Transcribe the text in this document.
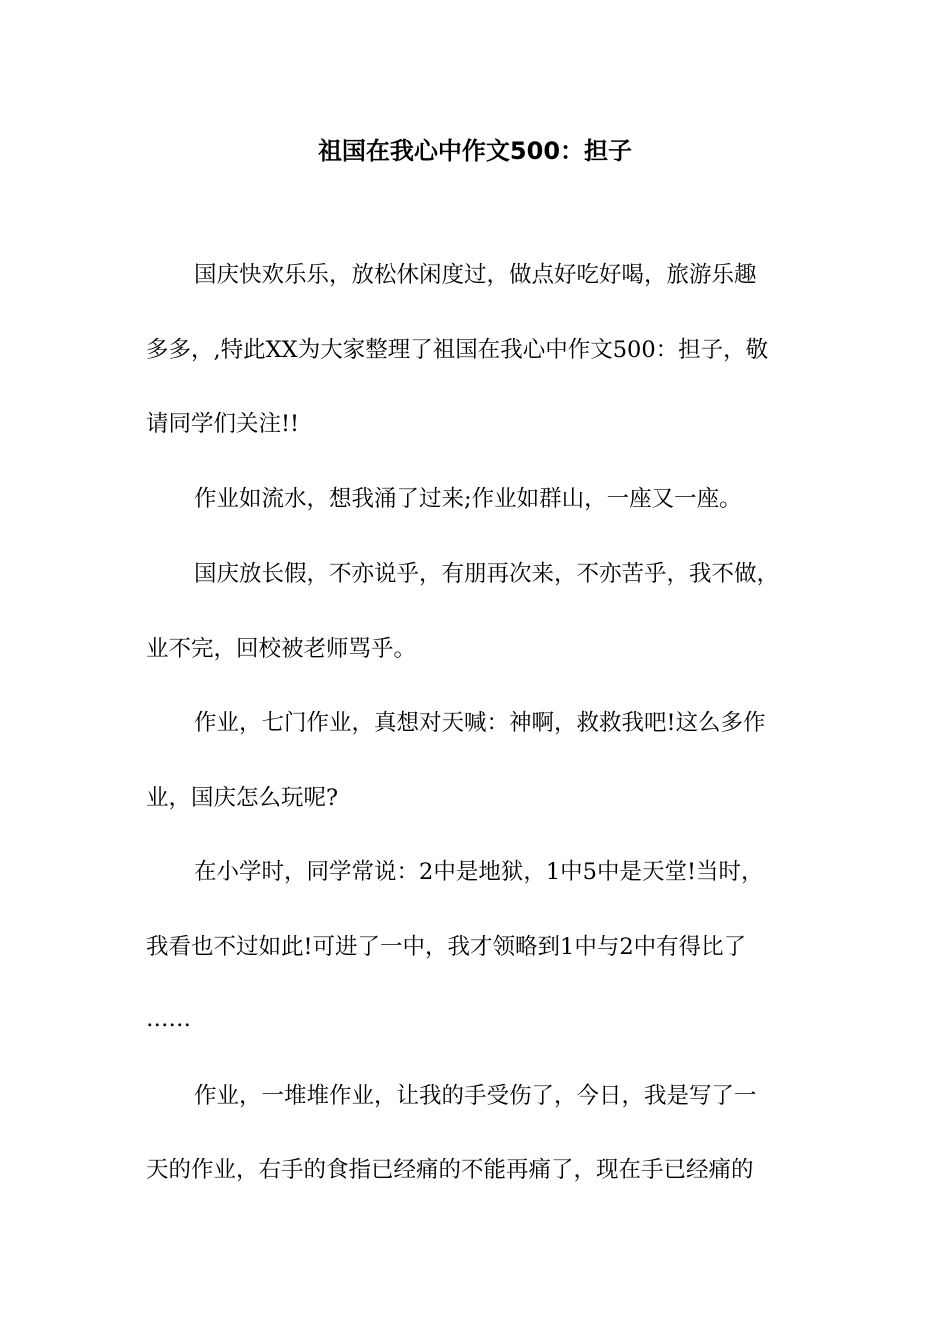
祖国在我心中作文500：担子
国庆快欢乐乐，放松休闲度过，做点好吃好喝，旅游乐趣
多多，,特此XX为大家整理了祖国在我心中作文500：担子，敬
请同学们关注!!
作业如流水，想我涌了过来;作业如群山，一座又一座。
国庆放长假，不亦说乎，有朋再次来，不亦苦乎，我不做，
业不完，回校被老师骂乎。
作业，七门作业，真想对天喊：神啊，救救我吧!这么多作
业，国庆怎么玩呢?
在小学时，同学常说：2中是地狱，1中5中是天堂!当时，
我看也不过如此!可进了一中，我才领略到1中与2中有得比了
……
作业，一堆堆作业，让我的手受伤了，今日，我是写了一
天的作业，右手的食指已经痛的不能再痛了，现在手已经痛的
